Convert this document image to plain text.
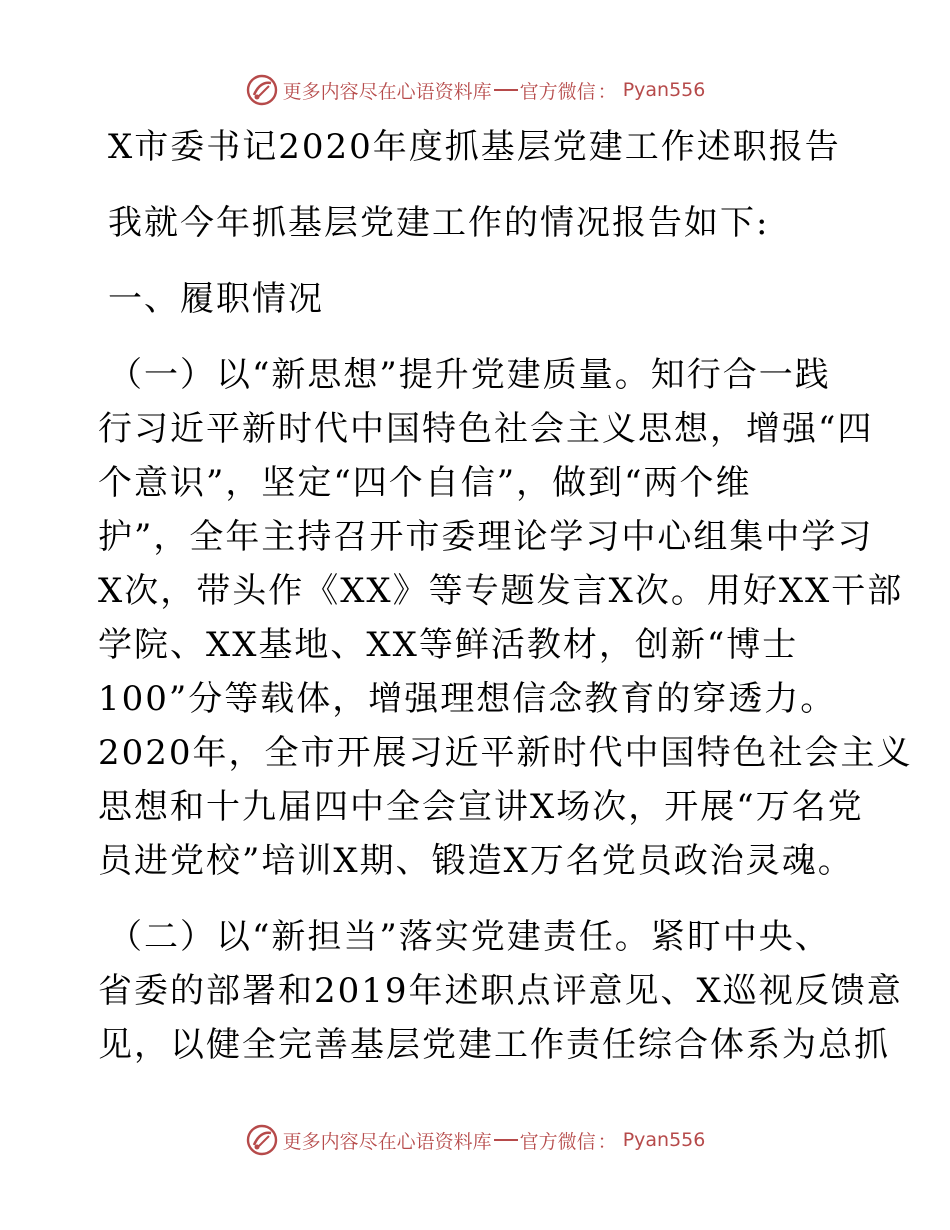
更多内容尽在心语资料库 官方微信 ： Pyan556
X市委书记2020年度抓基层党建工作述职报告

我就今年抓基层党建工作的情况报告如下:

一、履职情况
（一）以“新思想”提升党建质量。知行合一践
行习近平新时代中国特色社会主义思想，增强“四
个意识”，坚定“四个自信”，做到“两个维
护”，全年主持召开市委理论学习中心组集中学习
X次，带头作《XX》等专题发言X次。用好XX干部
学院、XX基地、XX等鲜活教材，创新“博士
100”分等载体，增强理想信念教育的穿透力。
2020年，全市开展习近平新时代中国特色社会主义
思想和十九届四中全会宣讲X场次，开展“万名党
员进党校”培训X期、锻造X万名党员政治灵魂。
（二）以“新担当”落实党建责任。紧盯中央、
省委的部署和2019年述职点评意见、X巡视反馈意
见，以健全完善基层党建工作责任综合体系为总抓
更多内容尽在心语资料库 官方微信 ： Pyan556
